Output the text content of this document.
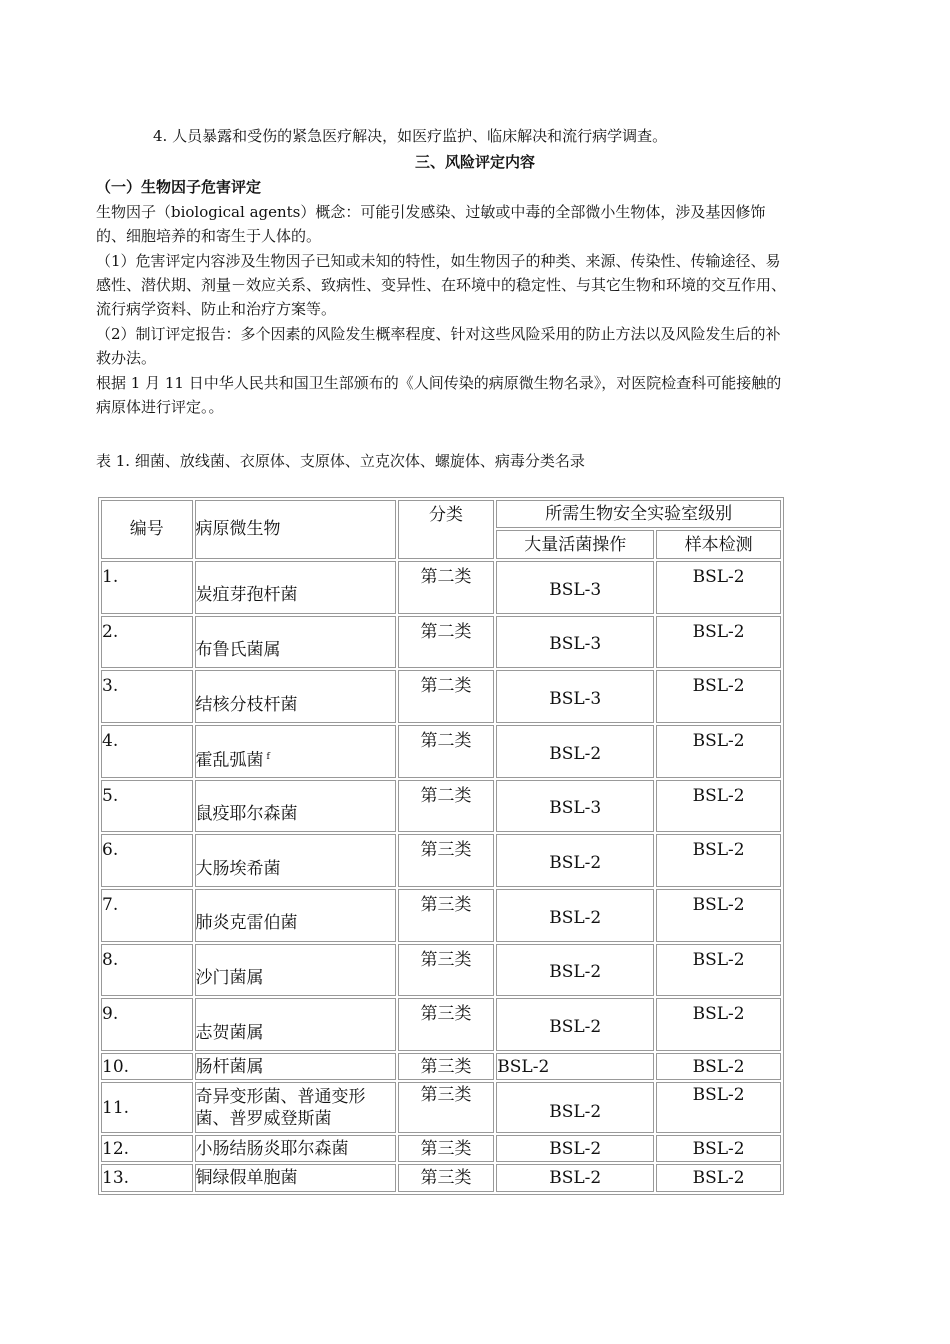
4. 人员暴露和受伤的紧急医疗解决，如医疗监护、临床解决和流行病学调查。
三、风险评定内容
（一）生物因子危害评定
生物因子（biological agents）概念：可能引发感染、过敏或中毒的全部微小生物体，涉及基因修饰
的、细胞培养的和寄生于人体的。
（1）危害评定内容涉及生物因子已知或未知的特性，如生物因子的种类、来源、传染性、传输途径、易
感性、潜伏期、剂量－效应关系、致病性、变异性、在环境中的稳定性、与其它生物和环境的交互作用、
流行病学资料、防止和治疗方案等。
（2）制订评定报告：多个因素的风险发生概率程度、针对这些风险采用的防止方法以及风险发生后的补
救办法。
根据 1 月 11 日中华人民共和国卫生部颁布的《人间传染的病原微生物名录》，对医院检查科可能接触的
病原体进行评定。。
表 1. 细菌、放线菌、衣原体、支原体、立克次体、螺旋体、病毒分类名录
编号	病原微生物	分类	所需生物安全实验室级别	
			大量活菌操作	样本检测
1.	炭疽芽孢杆菌	第二类	BSL-3	BSL-2
2.	布鲁氏菌属	第二类	BSL-3	BSL-2
3.	结核分枝杆菌	第二类	BSL-3	BSL-2
4.	霍乱弧菌 $^f$	第二类	BSL-2	BSL-2
5.	鼠疫耶尔森菌	第二类	BSL-3	BSL-2
6.	大肠埃希菌	第三类	BSL-2	BSL-2
7.	肺炎克雷伯菌	第三类	BSL-2	BSL-2
8.	沙门菌属	第三类	BSL-2	BSL-2
9.	志贺菌属	第三类	BSL-2	BSL-2
10.	肠杆菌属	第三类	BSL-2	BSL-2
11.	奇异变形菌、普通变形
菌、普罗威登斯菌	第三类	BSL-2	BSL-2
12.	小肠结肠炎耶尔森菌	第三类	BSL-2	BSL-2
13.	铜绿假单胞菌	第三类	BSL-2	BSL-2
